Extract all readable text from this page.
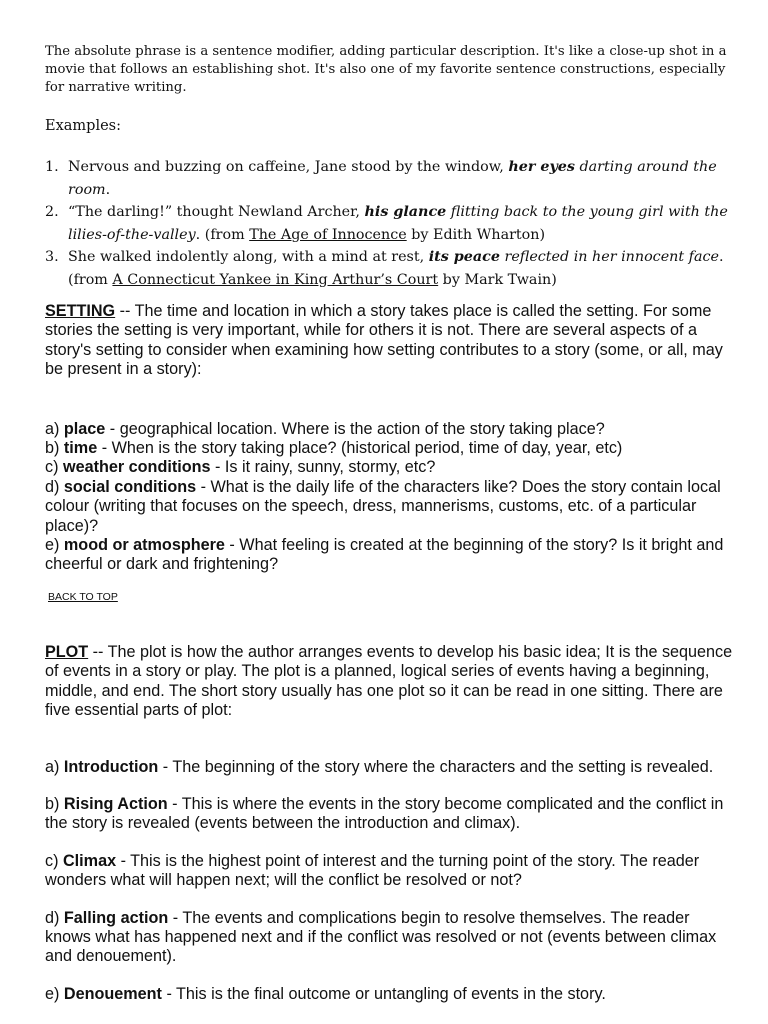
The absolute phrase is a sentence modifier, adding particular description. It's like a close-up shot in a movie that follows an establishing shot. It's also one of my favorite sentence constructions, especially for narrative writing.

Examples:
1. Nervous and buzzing on caffeine, Jane stood by the window, her eyes darting around the room.
2. “The darling!” thought Newland Archer, his glance flitting back to the young girl with the lilies-of-the-valley. (from The Age of Innocence by Edith Wharton)
3. She walked indolently along, with a mind at rest, its peace reflected in her innocent face. (from A Connecticut Yankee in King Arthur’s Court by Mark Twain)

SETTING -- The time and location in which a story takes place is called the setting. For some stories the setting is very important, while for others it is not. There are several aspects of a story's setting to consider when examining how setting contributes to a story (some, or all, may be present in a story):

a) place - geographical location. Where is the action of the story taking place?

b) time - When is the story taking place? (historical period, time of day, year, etc)

c) weather conditions - Is it rainy, sunny, stormy, etc?

d) social conditions - What is the daily life of the characters like? Does the story contain local colour (writing that focuses on the speech, dress, mannerisms, customs, etc. of a particular place)?

e) mood or atmosphere - What feeling is created at the beginning of the story? Is it bright and cheerful or dark and frightening?

BACK TO TOP

PLOT -- The plot is how the author arranges events to develop his basic idea; It is the sequence of events in a story or play. The plot is a planned, logical series of events having a beginning, middle, and end. The short story usually has one plot so it can be read in one sitting. There are five essential parts of plot:

a) Introduction - The beginning of the story where the characters and the setting is revealed.

b) Rising Action - This is where the events in the story become complicated and the conflict in the story is revealed (events between the introduction and climax).

c) Climax - This is the highest point of interest and the turning point of the story. The reader wonders what will happen next; will the conflict be resolved or not?

d) Falling action - The events and complications begin to resolve themselves. The reader knows what has happened next and if the conflict was resolved or not (events between climax and denouement).

e) Denouement - This is the final outcome or untangling of events in the story.
